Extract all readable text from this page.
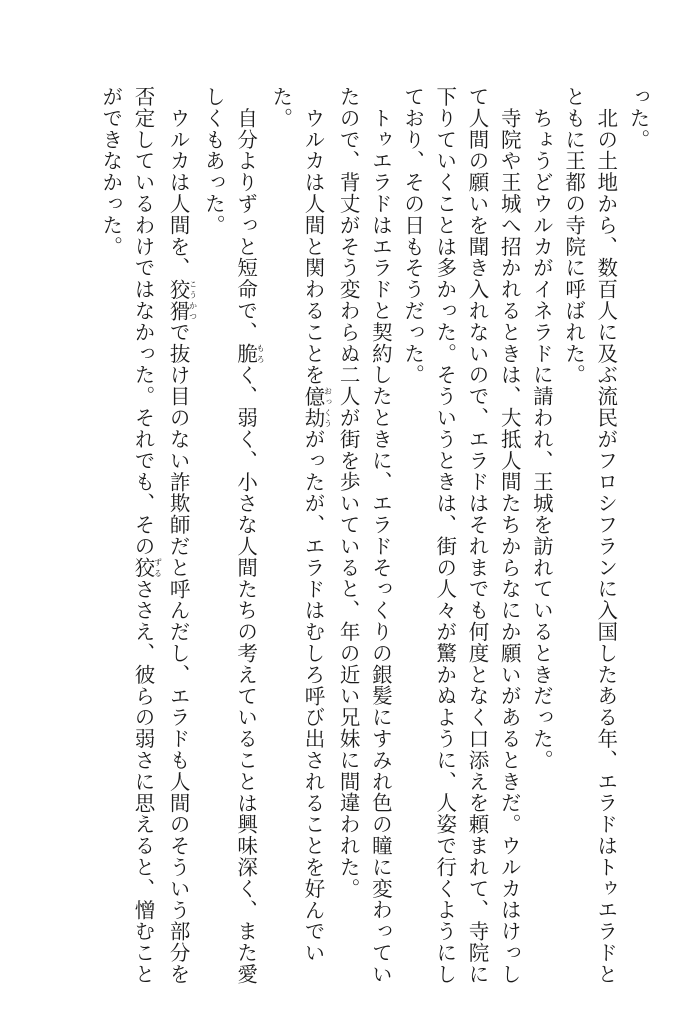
った。
　北の土地から、数百人に及ぶ流民がフロシフランに入国したある年、エラドはトゥエラドと
ともに王都の寺院に呼ばれた。
　ちょうどウルカがイネラドに請われ、王城を訪れているときだった。
　寺院や王城へ招かれるときは、大抵人間たちからなにか願いがあるときだ。ウルカはけっし
て人間の願いを聞き入れないので、エラドはそれまでも何度となく口添えを頼まれて、寺院に
下りていくことは多かった。そういうときは、街の人々が驚かぬように、人姿で行くようにし
ており、その日もそうだった。
　トゥエラドはエラドと契約したときに、エラドそっくりの銀髪にすみれ色の瞳に変わってい
たので、背丈がそう変わらぬ二人が街を歩いていると、年の近い兄妹に間違われた。
　ウルカは人間と関わることを億劫おっくうがったが、エラドはむしろ呼び出されることを好んでい
た。
　自分よりずっと短命で、脆もろく、弱く、小さな人間たちの考えていることは興味深く、また愛
しくもあった。
　ウルカは人間を、狡猾こうかつで抜け目のない詐欺師だと呼んだし、エラドも人間のそういう部分を
否定しているわけではなかった。それでも、その狡ずるささえ、彼らの弱さに思えると、憎むこと
ができなかった。
